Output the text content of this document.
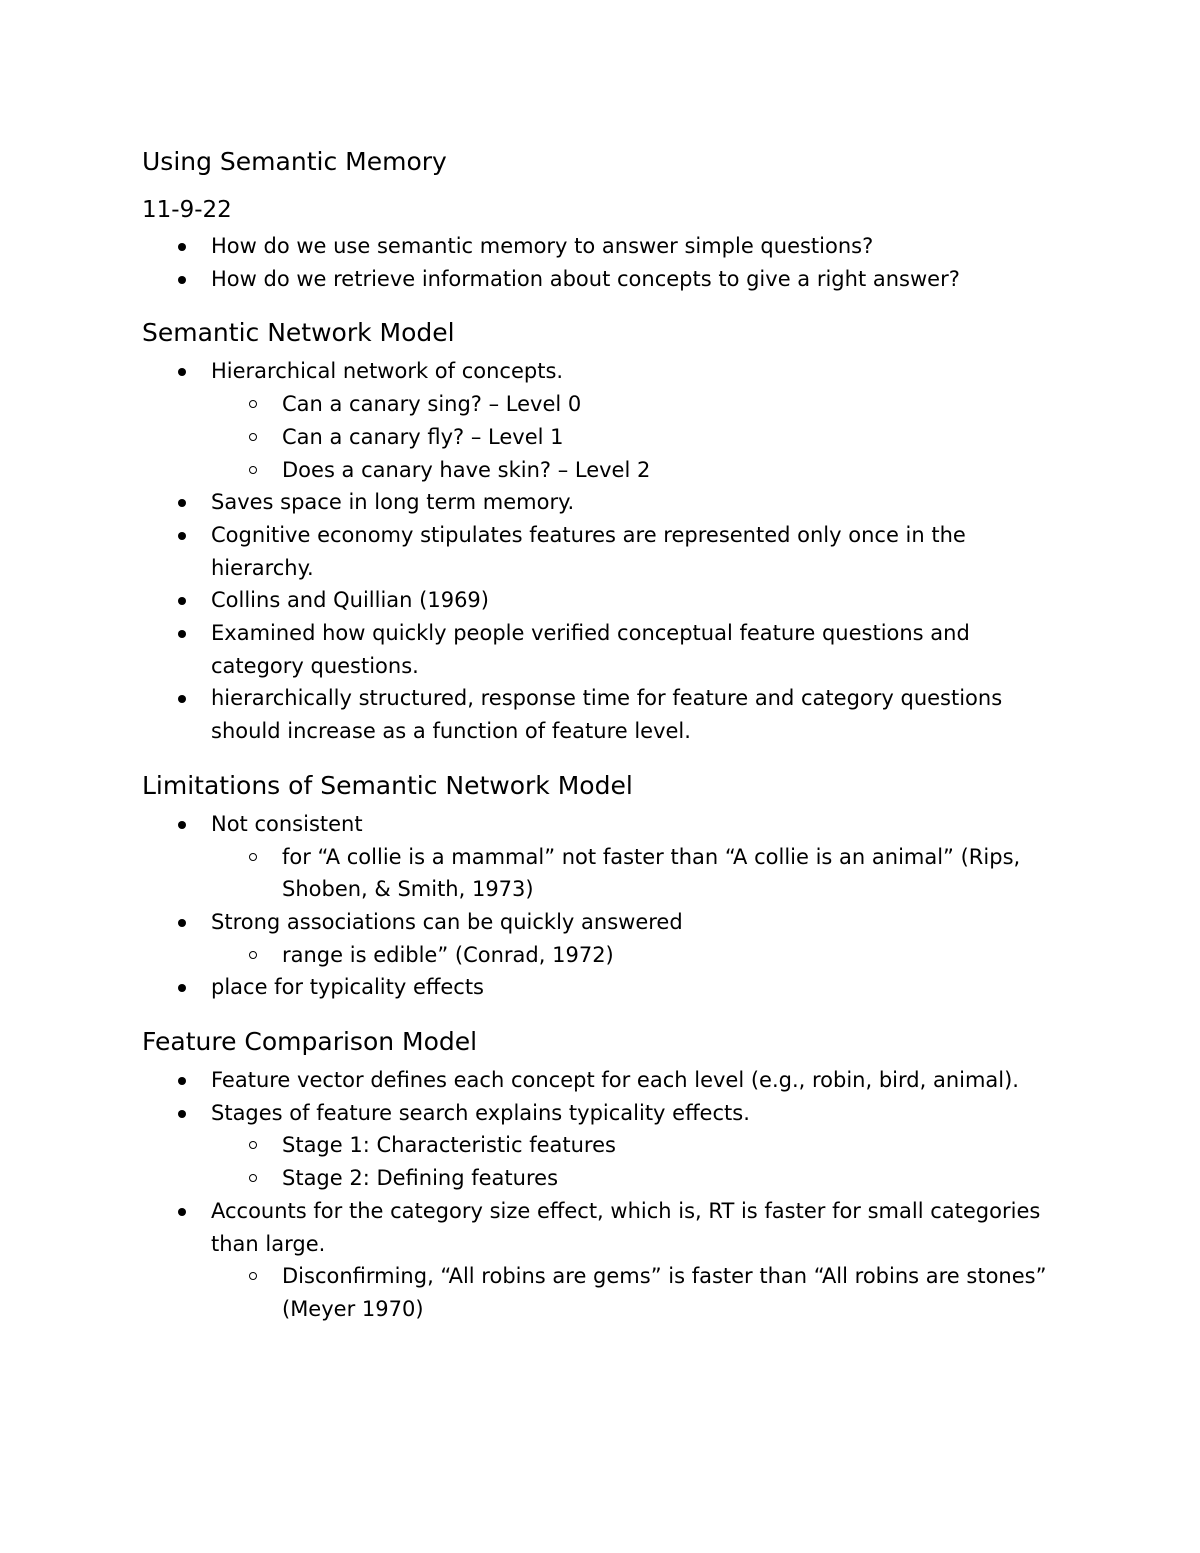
Using Semantic Memory
11-9-22
How do we use semantic memory to answer simple questions?
How do we retrieve information about concepts to give a right answer?
Semantic Network Model
Hierarchical network of concepts.
Can a canary sing? – Level 0
Can a canary fly? – Level 1
Does a canary have skin? – Level 2
Saves space in long term memory.
Cognitive economy stipulates features are represented only once in the hierarchy.
Collins and Quillian (1969)
Examined how quickly people verified conceptual feature questions and category questions.
hierarchically structured, response time for feature and category questions should increase as a function of feature level.
Limitations of Semantic Network Model
Not consistent
for “A collie is a mammal” not faster than “A collie is an animal” (Rips, Shoben, & Smith, 1973)
Strong associations can be quickly answered
range is edible” (Conrad, 1972)
place for typicality effects
Feature Comparison Model
Feature vector defines each concept for each level (e.g., robin, bird, animal).
Stages of feature search explains typicality effects.
Stage 1: Characteristic features
Stage 2: Defining features
Accounts for the category size effect, which is, RT is faster for small categories than large.
Disconfirming, “All robins are gems” is faster than “All robins are stones” (Meyer 1970)
